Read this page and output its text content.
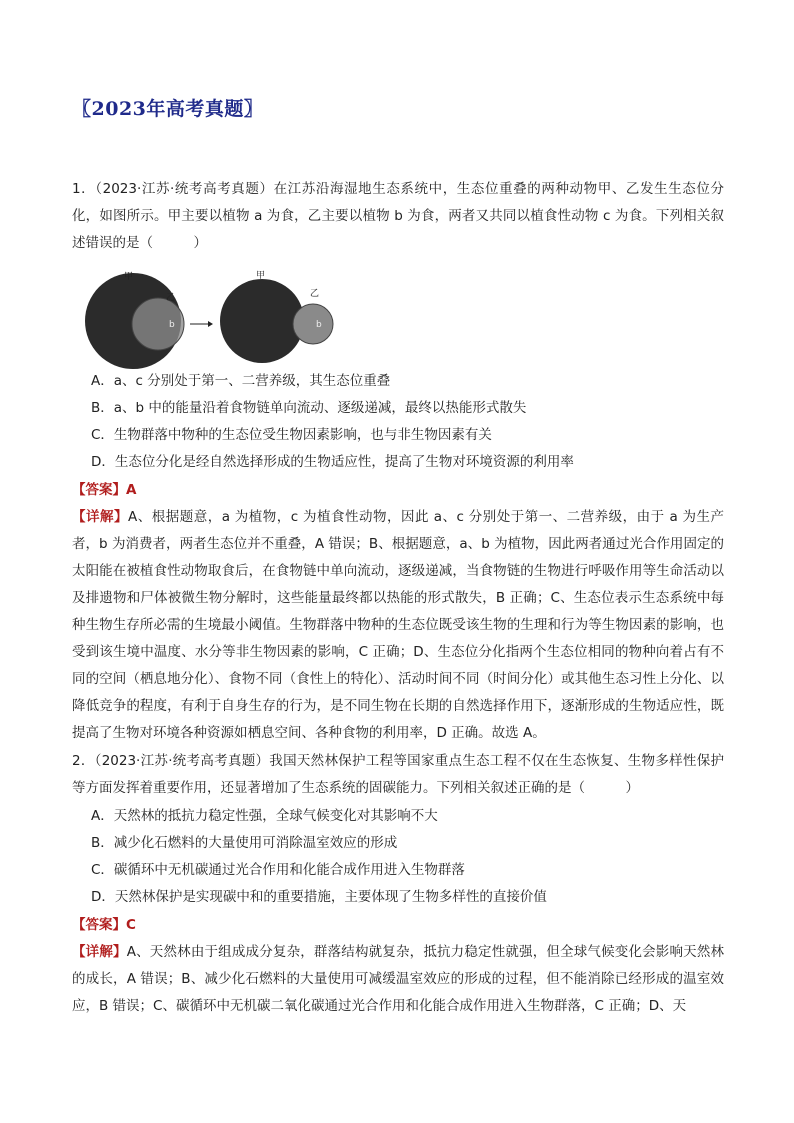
〖2023年高考真题〗
1．（2023·江苏·统考高考真题）在江苏沿海湿地生态系统中，生态位重叠的两种动物甲、乙发生生态位分化，如图所示。甲主要以植物 a 为食，乙主要以植物 b 为食，两者又共同以植食性动物 c 为食。下列相关叙述错误的是（　　　）
甲
乙
b
甲
乙
b
A．a、c 分别处于第一、二营养级，其生态位重叠
B．a、b 中的能量沿着食物链单向流动、逐级递减，最终以热能形式散失
C．生物群落中物种的生态位受生物因素影响，也与非生物因素有关
D．生态位分化是经自然选择形成的生物适应性，提高了生物对环境资源的利用率
【答案】A
【详解】A、根据题意，a 为植物，c 为植食性动物，因此 a、c 分别处于第一、二营养级，由于 a 为生产者，b 为消费者，两者生态位并不重叠，A 错误；B、根据题意，a、b 为植物，因此两者通过光合作用固定的太阳能在被植食性动物取食后，在食物链中单向流动，逐级递减，当食物链的生物进行呼吸作用等生命活动以及排遗物和尸体被微生物分解时，这些能量最终都以热能的形式散失，B 正确；C、生态位表示生态系统中每种生物生存所必需的生境最小阈值。生物群落中物种的生态位既受该生物的生理和行为等生物因素的影响，也受到该生境中温度、水分等非生物因素的影响，C 正确；D、生态位分化指两个生态位相同的物种向着占有不同的空间（栖息地分化）、食物不同（食性上的特化）、活动时间不同（时间分化）或其他生态习性上分化、以降低竞争的程度，有利于自身生存的行为，是不同生物在长期的自然选择作用下，逐渐形成的生物适应性，既提高了生物对环境各种资源如栖息空间、各种食物的利用率，D 正确。故选 A。
2．（2023·江苏·统考高考真题）我国天然林保护工程等国家重点生态工程不仅在生态恢复、生物多样性保护等方面发挥着重要作用，还显著增加了生态系统的固碳能力。下列相关叙述正确的是（　　　）
A．天然林的抵抗力稳定性强，全球气候变化对其影响不大
B．减少化石燃料的大量使用可消除温室效应的形成
C．碳循环中无机碳通过光合作用和化能合成作用进入生物群落
D．天然林保护是实现碳中和的重要措施，主要体现了生物多样性的直接价值
【答案】C
【详解】A、天然林由于组成成分复杂，群落结构就复杂，抵抗力稳定性就强，但全球气候变化会影响天然林的成长，A 错误；B、减少化石燃料的大量使用可减缓温室效应的形成的过程，但不能消除已经形成的温室效应，B 错误；C、碳循环中无机碳二氧化碳通过光合作用和化能合成作用进入生物群落，C 正确；D、天
